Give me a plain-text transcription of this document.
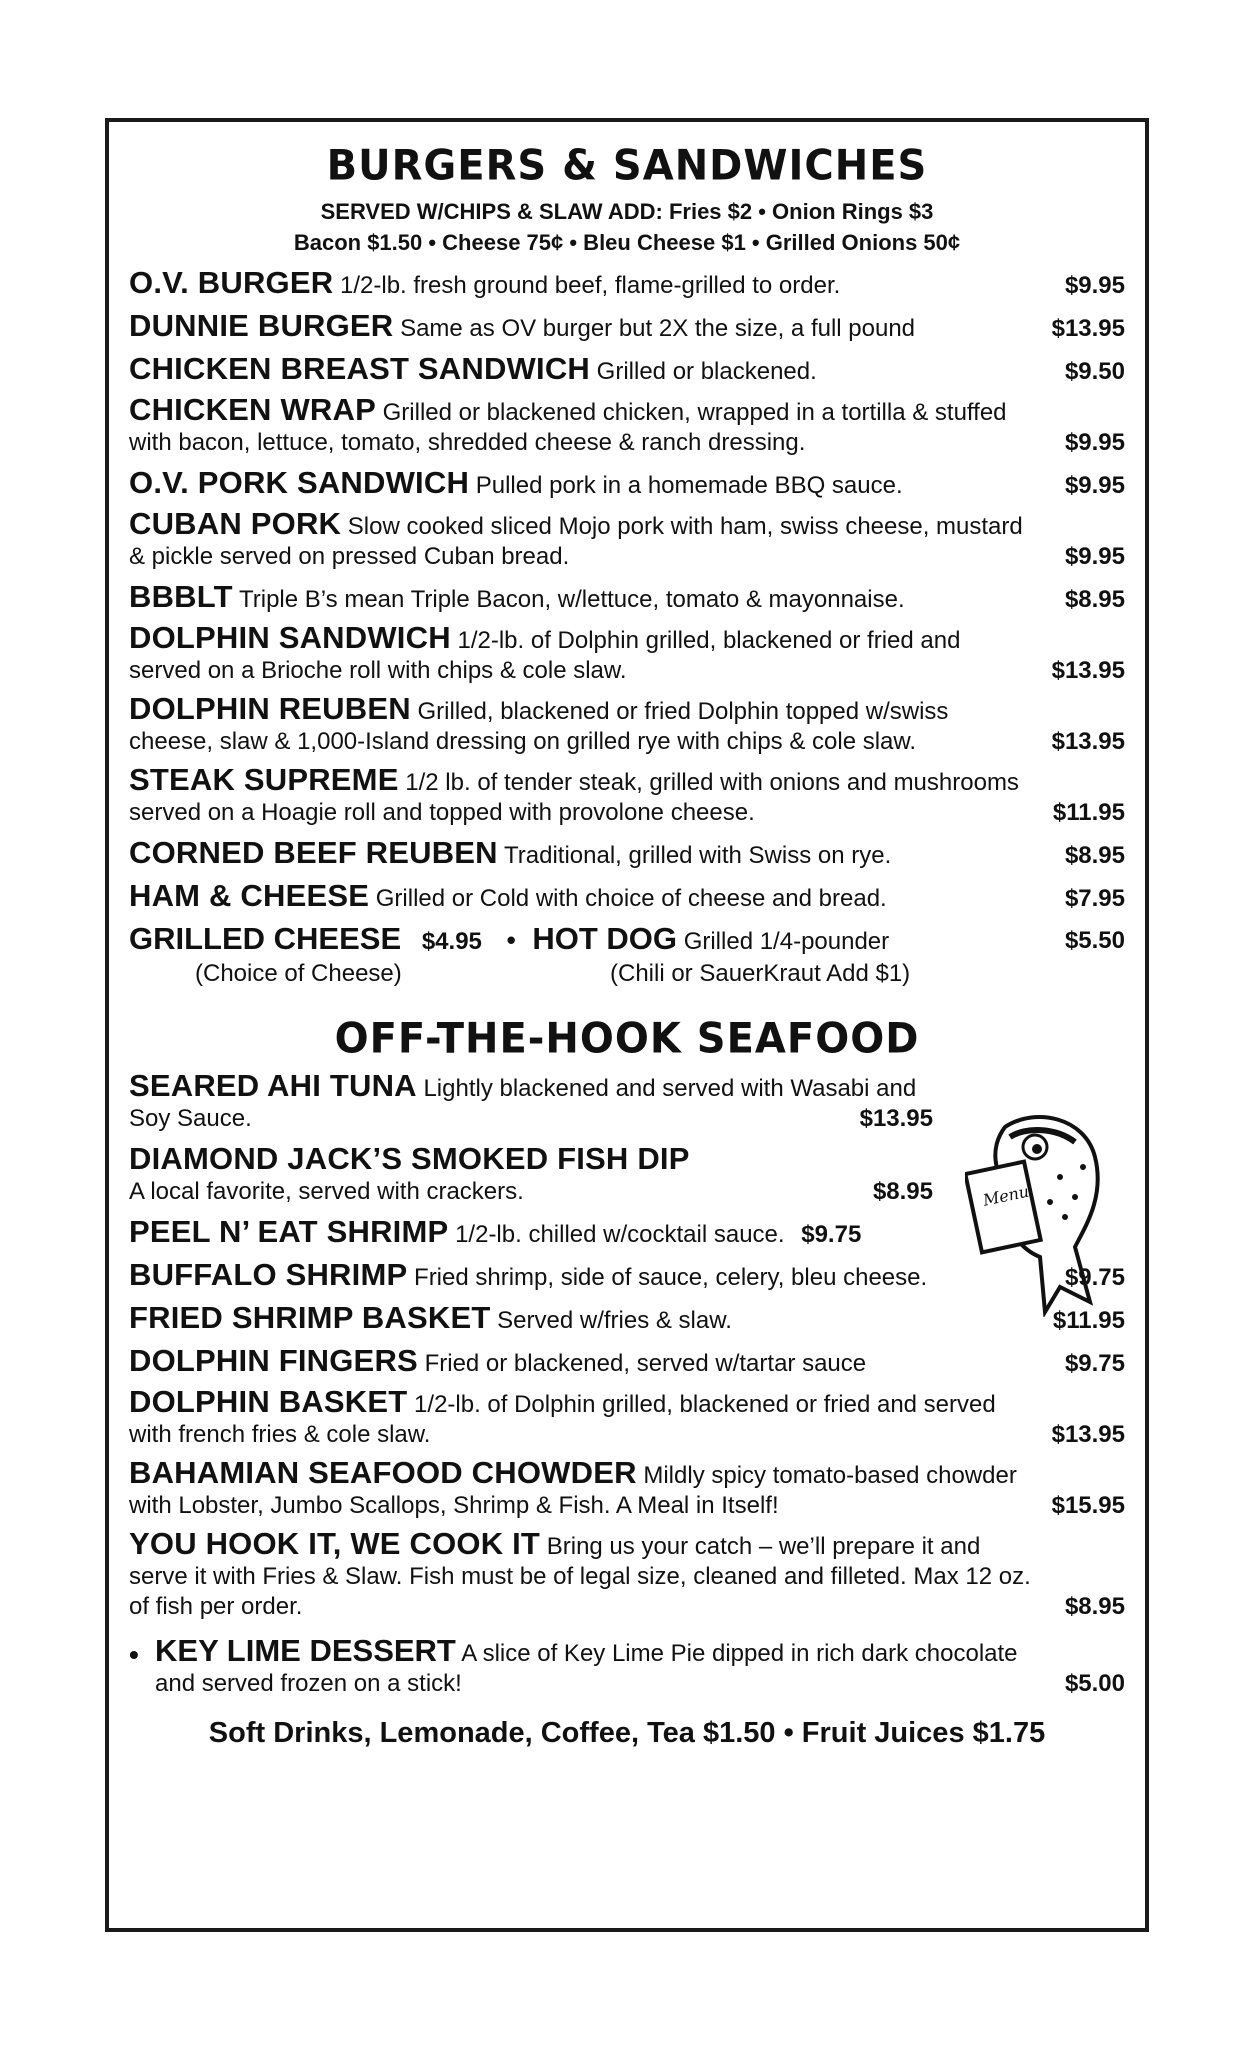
BURGERS & SANDWICHES
SERVED W/CHIPS & SLAW ADD: Fries $2 • Onion Rings $3
Bacon $1.50 • Cheese 75¢ • Bleu Cheese $1 • Grilled Onions 50¢
O.V. BURGER 1/2-lb. fresh ground beef, flame-grilled to order.	$9.95
DUNNIE BURGER Same as OV burger but 2X the size, a full pound	$13.95
CHICKEN BREAST SANDWICH Grilled or blackened.	$9.50
CHICKEN WRAP Grilled or blackened chicken, wrapped in a tortilla & stuffed with bacon, lettuce, tomato, shredded cheese & ranch dressing.	$9.95
O.V. PORK SANDWICH Pulled pork in a homemade BBQ sauce.	$9.95
CUBAN PORK Slow cooked sliced Mojo pork with ham, swiss cheese, mustard & pickle served on pressed Cuban bread.	$9.95
BBBLT Triple B’s mean Triple Bacon, w/lettuce, tomato & mayonnaise.	$8.95
DOLPHIN SANDWICH 1/2-lb. of Dolphin grilled, blackened or fried and served on a Brioche roll with chips & cole slaw.	$13.95
DOLPHIN REUBEN Grilled, blackened or fried Dolphin topped w/swiss cheese, slaw & 1,000-Island dressing on grilled rye with chips & cole slaw.	$13.95
STEAK SUPREME 1/2 lb. of tender steak, grilled with onions and mushrooms served on a Hoagie roll and topped with provolone cheese.	$11.95
CORNED BEEF REUBEN Traditional, grilled with Swiss on rye.	$8.95
HAM & CHEESE Grilled or Cold with choice of cheese and bread.	$7.95
GRILLED CHEESE $4.95 • HOT DOG Grilled 1/4-pounder	$5.50
(Choice of Cheese)	(Chili or SauerKraut Add $1)
OFF-THE-HOOK SEAFOOD
Menu
SEARED AHI TUNA Lightly blackened and served with Wasabi and Soy Sauce.	$13.95
DIAMOND JACK’S SMOKED FISH DIP
A local favorite, served with crackers.	$8.95
PEEL N’ EAT SHRIMP 1/2-lb. chilled w/cocktail sauce. $9.75
BUFFALO SHRIMP Fried shrimp, side of sauce, celery, bleu cheese.	$9.75
FRIED SHRIMP BASKET Served w/fries & slaw.	$11.95
DOLPHIN FINGERS Fried or blackened, served w/tartar sauce	$9.75
DOLPHIN BASKET 1/2-lb. of Dolphin grilled, blackened or fried and served with french fries & cole slaw.	$13.95
BAHAMIAN SEAFOOD CHOWDER Mildly spicy tomato-based chowder with Lobster, Jumbo Scallops, Shrimp & Fish. A Meal in Itself!	$15.95
YOU HOOK IT, WE COOK IT Bring us your catch – we’ll prepare it and serve it with Fries & Slaw. Fish must be of legal size, cleaned and filleted. Max 12 oz. of fish per order.	$8.95
• KEY LIME DESSERT A slice of Key Lime Pie dipped in rich dark chocolate and served frozen on a stick!	$5.00
Soft Drinks, Lemonade, Coffee, Tea $1.50 • Fruit Juices $1.75
